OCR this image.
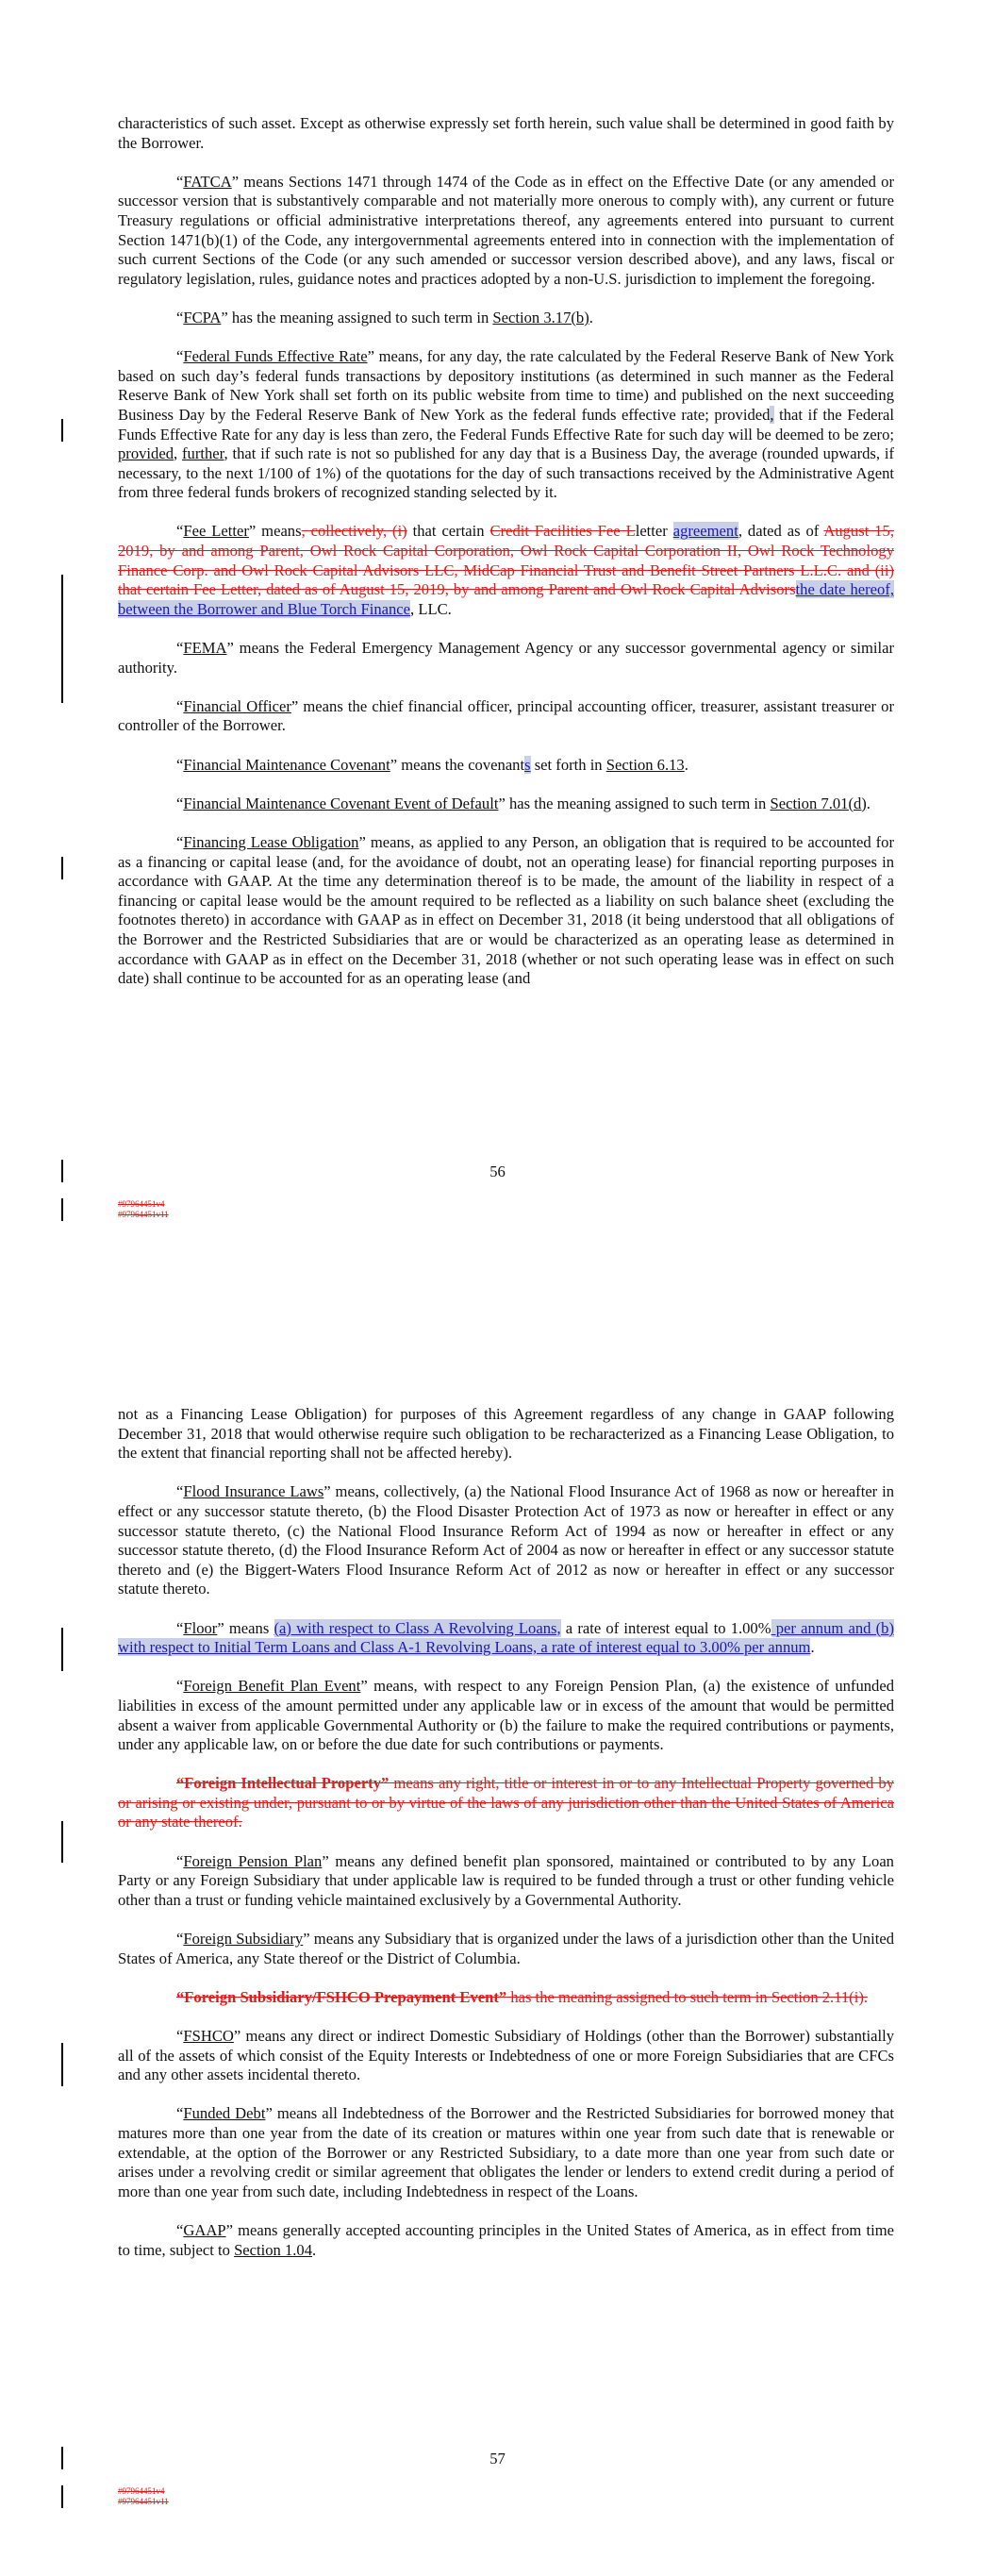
characteristics of such asset. Except as otherwise expressly set forth herein, such value shall be determined in good faith by the Borrower.

“FATCA” means Sections 1471 through 1474 of the Code as in effect on the Effective Date (or any amended or successor version that is substantively comparable and not materially more onerous to comply with), any current or future Treasury regulations or official administrative interpretations thereof, any agreements entered into pursuant to current Section 1471(b)(1) of the Code, any intergovernmental agreements entered into in connection with the implementation of such current Sections of the Code (or any such amended or successor version described above), and any laws, fiscal or regulatory legislation, rules, guidance notes and practices adopted by a non-U.S. jurisdiction to implement the foregoing.

“FCPA” has the meaning assigned to such term in Section 3.17(b).

“Federal Funds Effective Rate” means, for any day, the rate calculated by the Federal Reserve Bank of New York based on such day’s federal funds transactions by depository institutions (as determined in such manner as the Federal Reserve Bank of New York shall set forth on its public website from time to time) and published on the next succeeding Business Day by the Federal Reserve Bank of New York as the federal funds effective rate; provided, that if the Federal Funds Effective Rate for any day is less than zero, the Federal Funds Effective Rate for such day will be deemed to be zero; provided, further, that if such rate is not so published for any day that is a Business Day, the average (rounded upwards, if necessary, to the next 1/100 of 1%) of the quotations for the day of such transactions received by the Administrative Agent from three federal funds brokers of recognized standing selected by it.

“Fee Letter” means, collectively, (i) that certain Credit Facilities Fee Lletter agreement, dated as of August 15, 2019, by and among Parent, Owl Rock Capital Corporation, Owl Rock Capital Corporation II, Owl Rock Technology Finance Corp. and Owl Rock Capital Advisors LLC, MidCap Financial Trust and Benefit Street Partners L.L.C. and (ii) that certain Fee Letter, dated as of August 15, 2019, by and among Parent and Owl Rock Capital Advisorsthe date hereof, between the Borrower and Blue Torch Finance, LLC.

“FEMA” means the Federal Emergency Management Agency or any successor governmental agency or similar authority.

“Financial Officer” means the chief financial officer, principal accounting officer, treasurer, assistant treasurer or controller of the Borrower.

“Financial Maintenance Covenant” means the covenants set forth in Section 6.13.

“Financial Maintenance Covenant Event of Default” has the meaning assigned to such term in Section 7.01(d).

“Financing Lease Obligation” means, as applied to any Person, an obligation that is required to be accounted for as a financing or capital lease (and, for the avoidance of doubt, not an operating lease) for financial reporting purposes in accordance with GAAP. At the time any determination thereof is to be made, the amount of the liability in respect of a financing or capital lease would be the amount required to be reflected as a liability on such balance sheet (excluding the footnotes thereto) in accordance with GAAP as in effect on December 31, 2018 (it being understood that all obligations of the Borrower and the Restricted Subsidiaries that are or would be characterized as an operating lease as determined in accordance with GAAP as in effect on the December 31, 2018 (whether or not such operating lease was in effect on such date) shall continue to be accounted for as an operating lease (and

56
#97964451v4
#97964451v11

not as a Financing Lease Obligation) for purposes of this Agreement regardless of any change in GAAP following December 31, 2018 that would otherwise require such obligation to be recharacterized as a Financing Lease Obligation, to the extent that financial reporting shall not be affected hereby).

“Flood Insurance Laws” means, collectively, (a) the National Flood Insurance Act of 1968 as now or hereafter in effect or any successor statute thereto, (b) the Flood Disaster Protection Act of 1973 as now or hereafter in effect or any successor statute thereto, (c) the National Flood Insurance Reform Act of 1994 as now or hereafter in effect or any successor statute thereto, (d) the Flood Insurance Reform Act of 2004 as now or hereafter in effect or any successor statute thereto and (e) the Biggert-Waters Flood Insurance Reform Act of 2012 as now or hereafter in effect or any successor statute thereto.

“Floor” means (a) with respect to Class A Revolving Loans, a rate of interest equal to 1.00% per annum and (b) with respect to Initial Term Loans and Class A-1 Revolving Loans, a rate of interest equal to 3.00% per annum.

“Foreign Benefit Plan Event” means, with respect to any Foreign Pension Plan, (a) the existence of unfunded liabilities in excess of the amount permitted under any applicable law or in excess of the amount that would be permitted absent a waiver from applicable Governmental Authority or (b) the failure to make the required contributions or payments, under any applicable law, on or before the due date for such contributions or payments.

“Foreign Intellectual Property” means any right, title or interest in or to any Intellectual Property governed by or arising or existing under, pursuant to or by virtue of the laws of any jurisdiction other than the United States of America or any state thereof.

“Foreign Pension Plan” means any defined benefit plan sponsored, maintained or contributed to by any Loan Party or any Foreign Subsidiary that under applicable law is required to be funded through a trust or other funding vehicle other than a trust or funding vehicle maintained exclusively by a Governmental Authority.

“Foreign Subsidiary” means any Subsidiary that is organized under the laws of a jurisdiction other than the United States of America, any State thereof or the District of Columbia.

“Foreign Subsidiary/FSHCO Prepayment Event” has the meaning assigned to such term in Section 2.11(i).

“FSHCO” means any direct or indirect Domestic Subsidiary of Holdings (other than the Borrower) substantially all of the assets of which consist of the Equity Interests or Indebtedness of one or more Foreign Subsidiaries that are CFCs and any other assets incidental thereto.

“Funded Debt” means all Indebtedness of the Borrower and the Restricted Subsidiaries for borrowed money that matures more than one year from the date of its creation or matures within one year from such date that is renewable or extendable, at the option of the Borrower or any Restricted Subsidiary, to a date more than one year from such date or arises under a revolving credit or similar agreement that obligates the lender or lenders to extend credit during a period of more than one year from such date, including Indebtedness in respect of the Loans.

“GAAP” means generally accepted accounting principles in the United States of America, as in effect from time to time, subject to Section 1.04.

57
#97964451v4
#97964451v11
